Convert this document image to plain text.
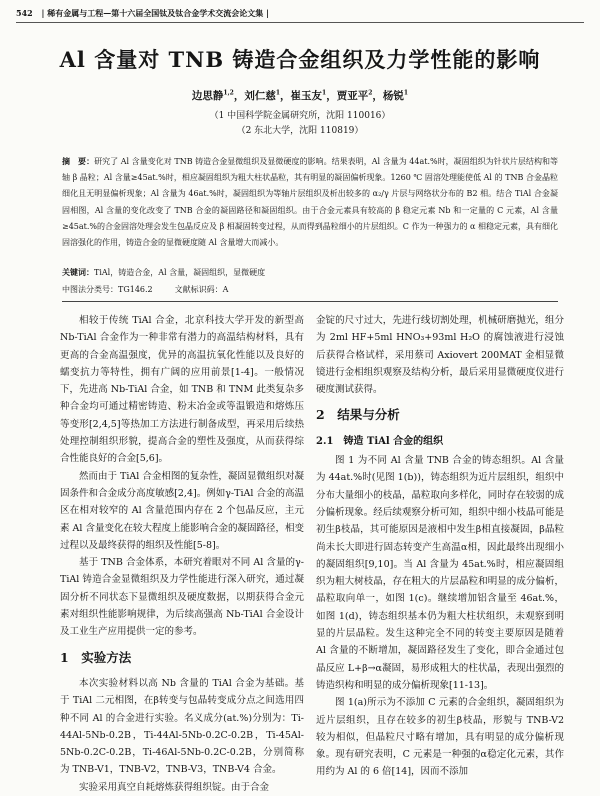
542 | 稀有金属与工程—第十六届全国钛及钛合金学术交流会论文集 |
Al 含量对 TNB 铸造合金组织及力学性能的影响
边思静$^{1,2}$，刘仁慈$^1$，崔玉友$^1$，贾亚平$^2$，杨锐$^1$
（1 中国科学院金属研究所，沈阳 110016）
（2 东北大学，沈阳 110819）
摘　要：研究了 Al 含量变化对 TNB 铸造合金显微组织及显微硬度的影响。结果表明，Al 含量为 44at.%时，凝固组织为针状片层结构和等轴 β 晶粒；Al 含量≥45at.%时，相应凝固组织为粗大柱状晶粒，其有明显的凝固偏析现象。1260 ℃ 固溶处理能使低 Al 的 TNB 合金晶粒细化且无明显偏析现象；Al 含量为 46at.%时，凝固组织为等轴片层组织及析出较多的 α₂/γ 片层与网络状分布的 B2 相。结合 TiAl 合金凝固相图，Al 含量的变化改变了 TNB 合金的凝固路径和凝固组织。由于合金元素具有较高的 β 稳定元素 Nb 和一定量的 C 元素，Al 含量≥45at.%的合金固溶处理会发生包晶反应及 β 相凝固转变过程，从而得到晶粒细小的片层组织。C 作为一种强力的 α 相稳定元素，具有细化固溶强化的作用，铸造合金的显微硬度随 Al 含量增大而减小。
关键词：TiAl，铸造合金，Al 含量，凝固组织，显微硬度
中图法分类号：TG146.2	文献标识码：A

相较于传统 TiAl 合金，北京科技大学开发的新型高 Nb-TiAl 合金作为一种非常有潜力的高温结构材料，具有更高的合金高温强度，优异的高温抗氧化性能以及良好的蠕变抗力等特性，拥有广阔的应用前景[1-4]。一般情况下，先进高 Nb-TiAl 合金，如 TNB 和 TNM 此类复杂多种合金均可通过精密铸造、粉末冶金或等温锻造和熔炼压等变形[2,4,5]等热加工方法进行制备成型，再采用后续热处理控制组织形貌，提高合金的塑性及强度，从而获得综合性能良好的合金[5,6]。

然而由于 TiAl 合金相图的复杂性，凝固显微组织对凝固条件和合金成分高度敏感[2,4]。例如γ-TiAl 合金的高温区在相对较窄的 Al 含量范围内存在 2 个包晶反应，主元素 Al 含量变化在较大程度上能影响合金的凝固路径，相变过程以及最终获得的组织及性能[5-8]。

基于 TNB 合金体系，本研究着眼对不同 Al 含量的γ-TiAl 铸造合金显微组织及力学性能进行深入研究，通过凝固分析不同状态下显微组织及硬度数据，以期获得合金元素对组织性能影响规律，为后续高强高 Nb-TiAl 合金设计及工业生产应用提供一定的参考。

1　实验方法

本次实验材料以高 Nb 含量的 TiAl 合金为基础。基于 TiAl 二元相图，在β转变与包晶转变成分点之间选用四种不同 Al 的合金进行实验。名义成分(at.%)分别为：Ti-44Al-5Nb-0.2B，Ti-44Al-5Nb-0.2C-0.2B，Ti-45Al-5Nb-0.2C-0.2B，Ti-46Al-5Nb-0.2C-0.2B，分别简称为 TNB-V1，TNB-V2，TNB-V3，TNB-V4 合金。

实验采用真空自耗熔炼获得组织锭。由于合金

金锭的尺寸过大，先进行线切割处理，机械研磨抛光，组分为 2ml HF+5ml HNO₃+93ml H₂O 的腐蚀液进行浸蚀后获得合格试样，采用蔡司 Axiovert 200MAT 金相显微镜进行金相组织观察及结构分析，最后采用显微硬度仪进行硬度测试获得。

2　结果与分析
2.1　铸造 TiAl 合金的组织

图 1 为不同 Al 含量 TNB 合金的铸态组织。Al 含量为 44at.%时(见图 1(b))，铸态组织为近片层组织，组织中分布大量细小的枝晶，晶粒取向多样化，同时存在较弱的成分偏析现象。经后续观察分析可知，组织中细小枝晶可能是初生β枝晶，其可能原因是液相中发生β相直接凝固，β晶粒尚未长大即进行固态转变产生高温α相，因此最终出现细小的凝固组织[9,10]。当 Al 含量为 45at.%时，相应凝固组织为粗大树枝晶，存在粗大的片层晶粒和明显的成分偏析，晶粒取向单一，如图 1(c)。继续增加铝含量至 46at.%，如图 1(d)，铸态组织基本仍为粗大柱状组织，未观察到明显的片层晶粒。发生这种完全不同的转变主要原因是随着 Al 含量的不断增加，凝固路径发生了变化，即合金通过包晶反应 L+β→α凝固，易形成粗大的柱状晶，表现出强烈的铸造织构和明显的成分偏析现象[11-13]。

图 1(a)所示为不添加 C 元素的合金组织，凝固组织为近片层组织，且存在较多的初生β枝晶，形貌与 TNB-V2 较为相似，但晶粒尺寸略有增加，具有明显的成分偏析现象。现有研究表明，C 元素是一种强的α稳定化元素，其作用约为 Al 的 6 倍[14]，因而不添加
